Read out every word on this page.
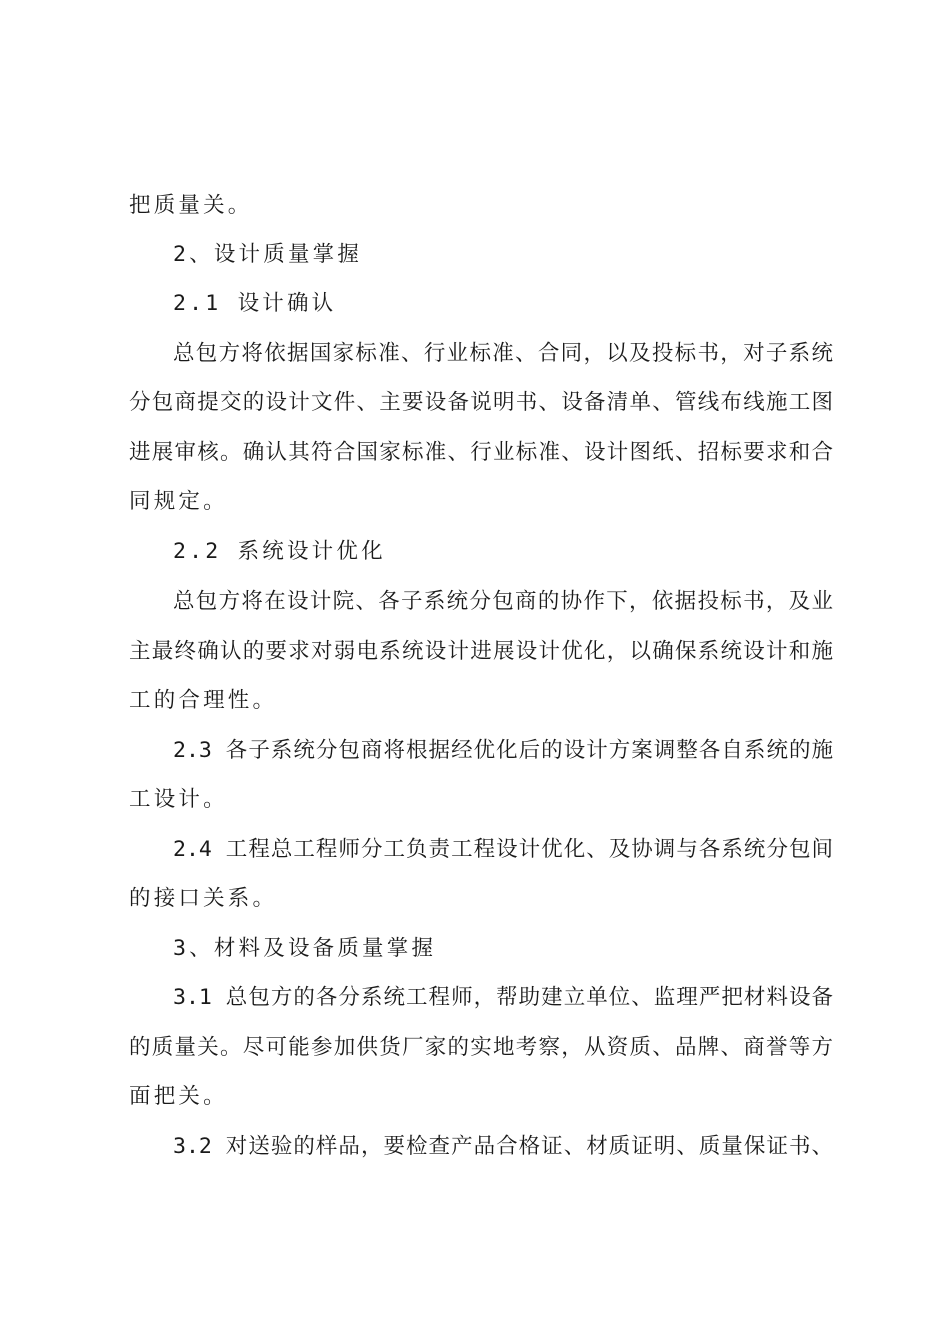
把质量关。
2、设计质量掌握
2.1 设计确认
总包方将依据国家标准、行业标准、合同，以及投标书，对子系统
分包商提交的设计文件、主要设备说明书、设备清单、管线布线施工图
进展审核。确认其符合国家标准、行业标准、设计图纸、招标要求和合
同规定。
2.2 系统设计优化
总包方将在设计院、各子系统分包商的协作下，依据投标书，及业
主最终确认的要求对弱电系统设计进展设计优化，以确保系统设计和施
工的合理性。
2.3 各子系统分包商将根据经优化后的设计方案调整各自系统的施
工设计。
2.4 工程总工程师分工负责工程设计优化、及协调与各系统分包间
的接口关系。
3、材料及设备质量掌握
3.1 总包方的各分系统工程师，帮助建立单位、监理严把材料设备
的质量关。尽可能参加供货厂家的实地考察，从资质、品牌、商誉等方
面把关。
3.2 对送验的样品，要检查产品合格证、材质证明、质量保证书、
